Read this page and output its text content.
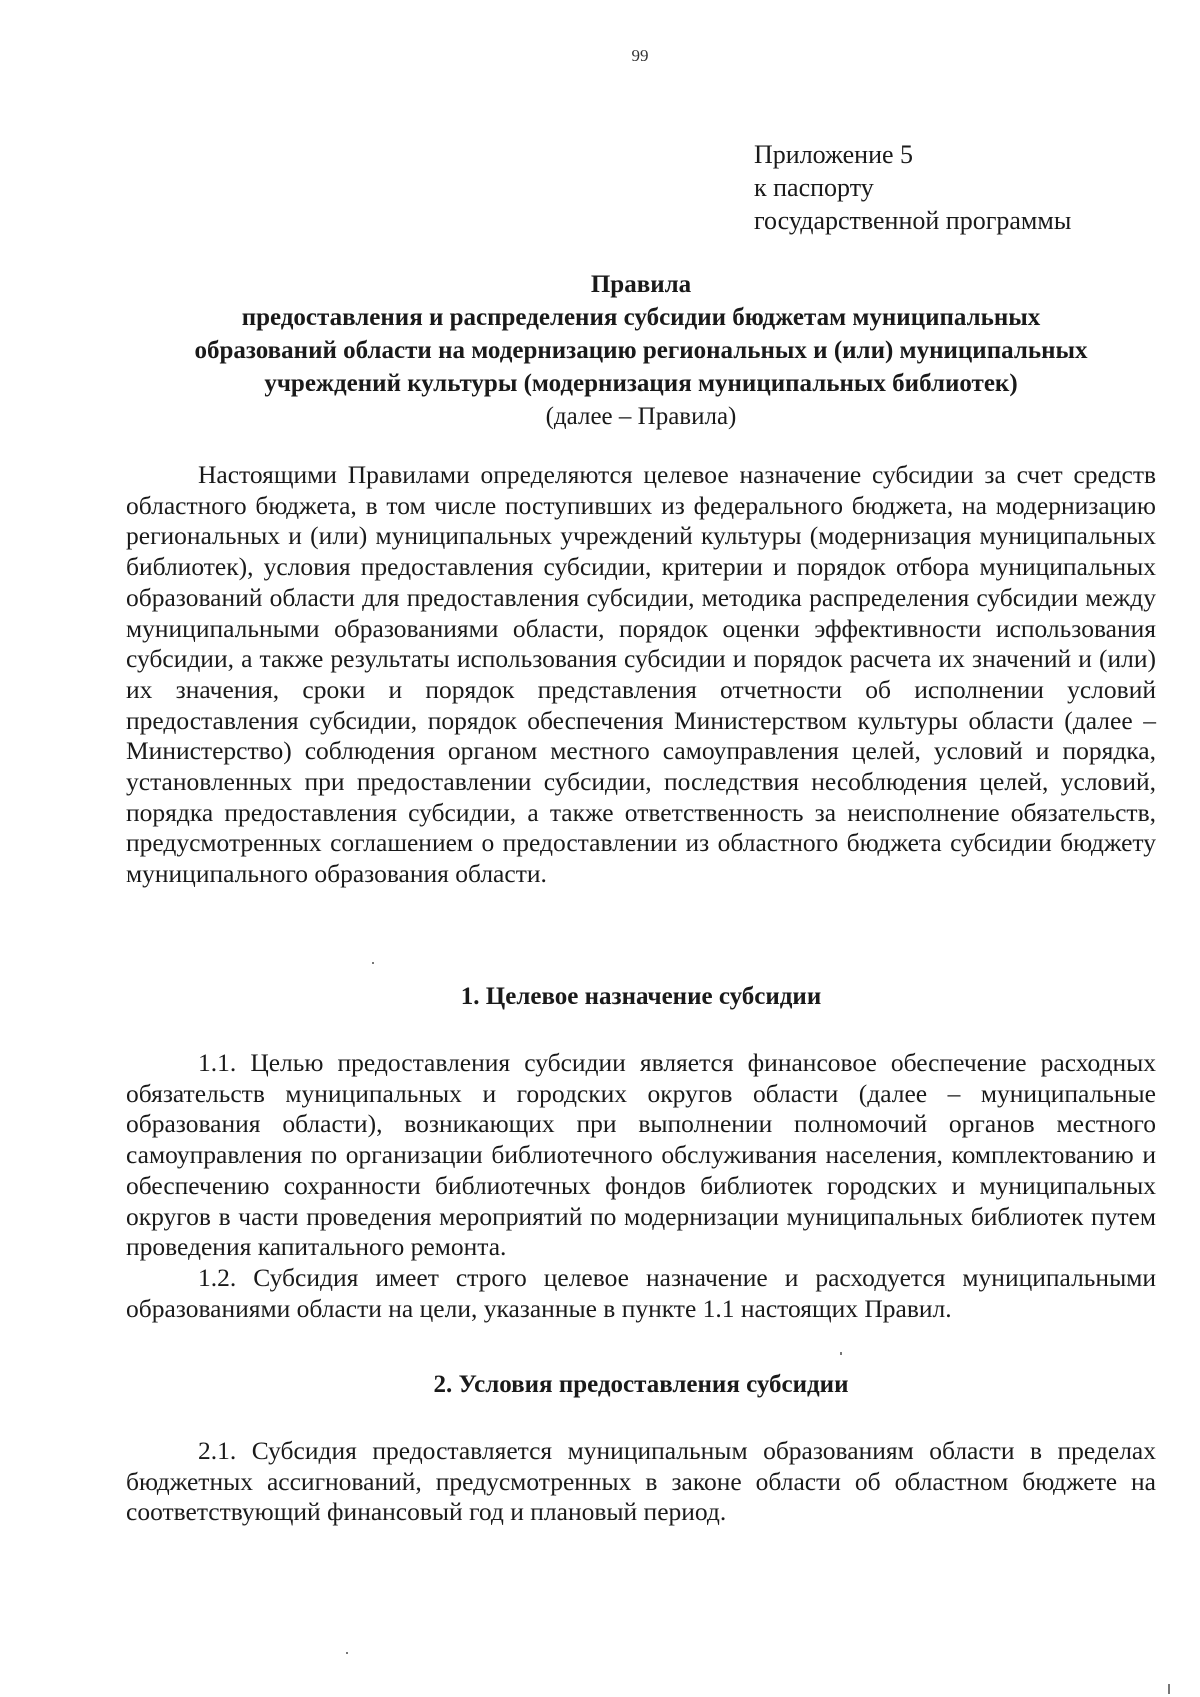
99
Приложение 5
к паспорту
государственной программы
Правила
предоставления и распределения субсидии бюджетам муниципальных
образований области на модернизацию региональных и (или) муниципальных
учреждений культуры (модернизация муниципальных библиотек)
(далее – Правила)

Настоящими Правилами определяются целевое назначение субсидии за счет средств областного бюджета, в том числе поступивших из федерального бюджета, на модернизацию региональных и (или) муниципальных учреждений культуры (модернизация муниципальных библиотек), условия предоставления субсидии, критерии и порядок отбора муниципальных образований области для предоставления субсидии, методика распределения субсидии между муниципальными образованиями области, порядок оценки эффективности использования субсидии, а также результаты использования субсидии и порядок расчета их значений и (или) их значения, сроки и порядок представления отчетности об исполнении условий предоставления субсидии, порядок обеспечения Министерством культуры области (далее – Министерство) соблюдения органом местного самоуправления целей, условий и порядка, установленных при предоставлении субсидии, последствия несоблюдения целей, условий, порядка предоставления субсидии, а также ответственность за неисполнение обязательств, предусмотренных соглашением о предоставлении из областного бюджета субсидии бюджету муниципального образования области.

1. Целевое назначение субсидии

1.1. Целью предоставления субсидии является финансовое обеспечение расходных обязательств муниципальных и городских округов области (далее – муниципальные образования области), возникающих при выполнении полномочий органов местного самоуправления по организации библиотечного обслуживания населения, комплектованию и обеспечению сохранности библиотечных фондов библиотек городских и муниципальных округов в части проведения мероприятий по модернизации муниципальных библиотек путем проведения капитального ремонта.

1.2. Субсидия имеет строго целевое назначение и расходуется муниципальными образованиями области на цели, указанные в пункте 1.1 настоящих Правил.

2. Условия предоставления субсидии

2.1. Субсидия предоставляется муниципальным образованиям области в пределах бюджетных ассигнований, предусмотренных в законе области об областном бюджете на соответствующий финансовый год и плановый период.
